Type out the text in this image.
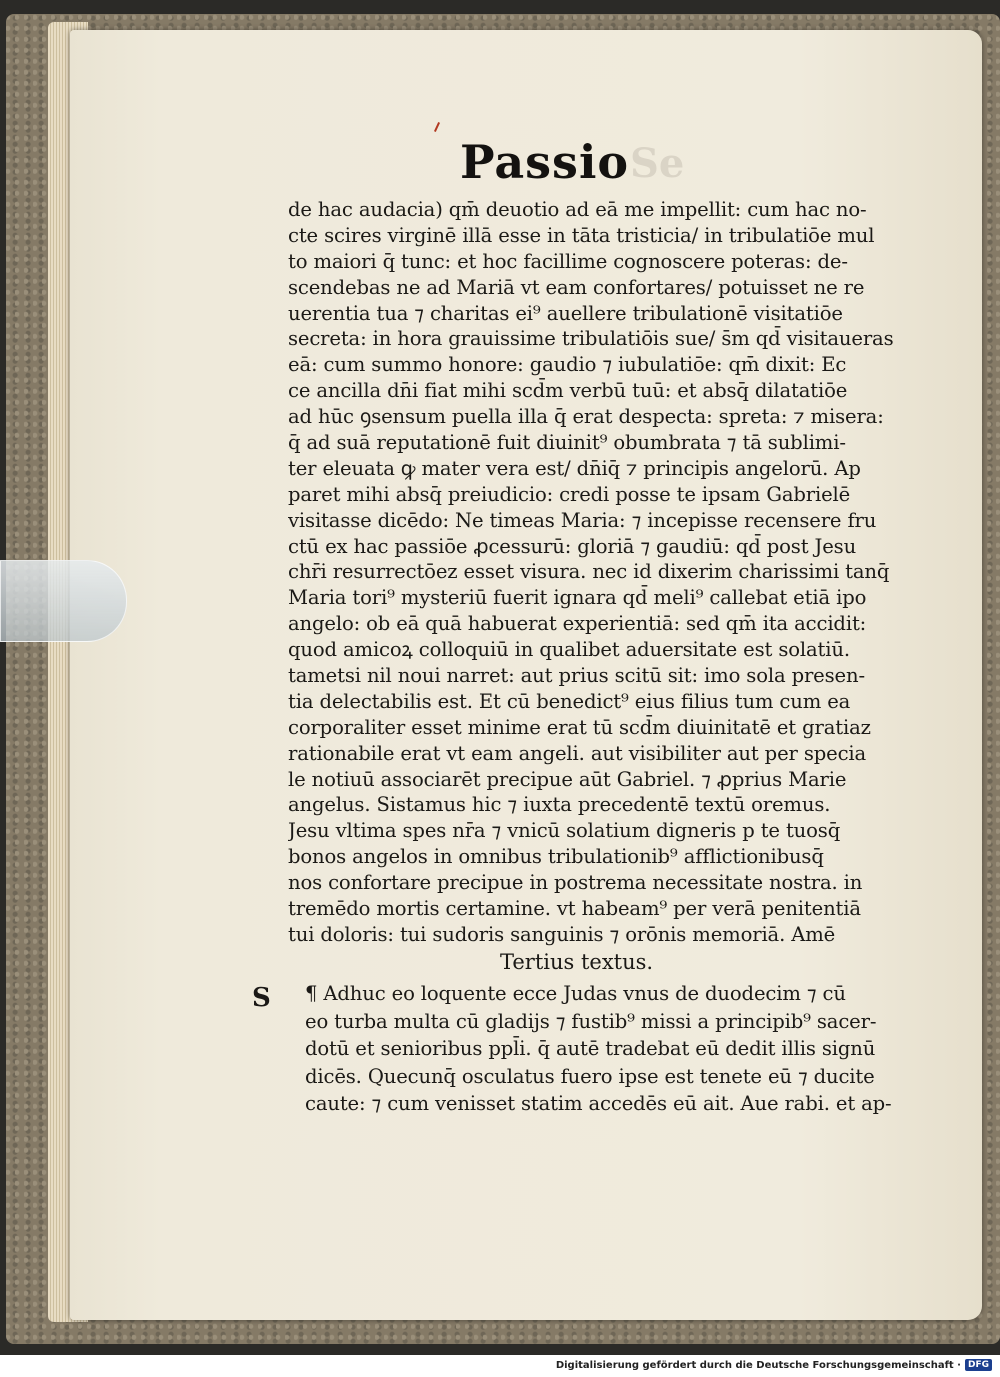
Se
Passio
de hac audacia) qm̄ deuotio ad eā me impellit: cum hac no-
cte scires virginē illā esse in tāta tristicia/ in tribulatiōe mul
to maiori q̄ tunc: et hoc facillime cognoscere poteras: de-
scendebas ne ad Mariā vt eam confortares/ potuisset ne re
uerentia tua ⁊ charitas ei⁹ auellere tribulationē visitatiōe
secreta: in hora grauissime tribulatiōis sue/ s̄m qd̄ visitaueras
eā: cum summo honore: gaudio ⁊ iubulatiōe: qm̄ dixit: Ec
ce ancilla dn̄i fiat mihi scd̄m verbū tuū: et absq̄ dilatatiōe
ad hūc ꝯsensum puella illa q̄ erat despecta: spreta: ⁊ misera:
q̄ ad suā reputationē fuit diuinit⁹ obumbrata ⁊ tā sublimi-
ter eleuata ꝙ mater vera est/ dn̄iq̄ ⁊ principis angelorū. Ap
paret mihi absq̄ preiudicio: credi posse te ipsam Gabrielē
visitasse dicēdo: Ne timeas Maria: ⁊ incepisse recensere fru
ctū ex hac passiōe ꝓcessurū: gloriā ⁊ gaudiū: qd̄ post Jesu
chr̄i resurrectōez esset visura. nec id dixerim charissimi tanq̄
Maria tori⁹ mysteriū fuerit ignara qd̄ meli⁹ callebat etiā ipo
angelo: ob eā quā habuerat experientiā: sed qm̄ ita accidit:
quod amicoꝝ colloquiū in qualibet aduersitate est solatiū.
tametsi nil noui narret: aut prius scitū sit: imo sola presen-
tia delectabilis est. Et cū benedict⁹ eius filius tum cum ea
corporaliter esset minime erat tū scd̄m diuinitatē et gratiaz
rationabile erat vt eam angeli. aut visibiliter aut per specia
le notiuū associarēt precipue aūt Gabriel. ⁊ ꝓprius Marie
angelus. Sistamus hic ⁊ iuxta precedentē textū oremus.
Jesu vltima spes nr̄a ⁊ vnicū solatium digneris p te tuosq̄
bonos angelos in omnibus tribulationib⁹ afflictionibusq̄
nos confortare precipue in postrema necessitate nostra. in
tremēdo mortis certamine. vt habeam⁹ per verā penitentiā
tui doloris: tui sudoris sanguinis ⁊ orōnis memoriā. Amē
Tertius textus.
S ¶ Adhuc eo loquente ecce Judas vnus de duodecim ⁊ cū
eo turba multa cū gladijs ⁊ fustib⁹ missi a principib⁹ sacer-
dotū et senioribus ppl̄i. q̄ autē tradebat eū dedit illis signū
dicēs. Quecunq̄ osculatus fuero ipse est tenete eū ⁊ ducite
caute: ⁊ cum venisset statim accedēs eū ait. Aue rabi. et ap-
Digitalisierung gefördert durch die Deutsche Forschungsgemeinschaft · DFG
